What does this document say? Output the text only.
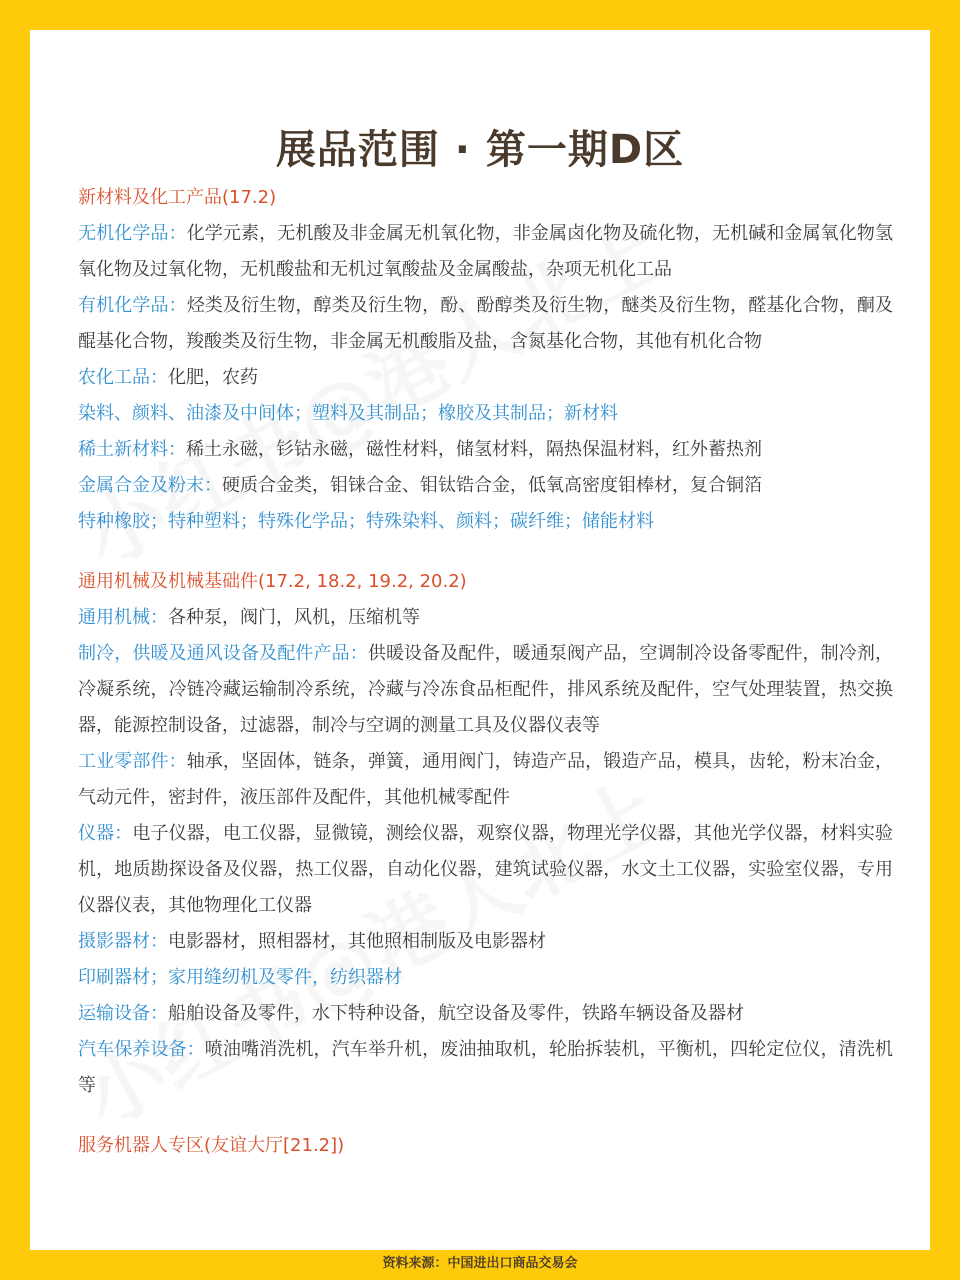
展品范围 · 第一期D区

新材料及化工产品(17.2)

无机化学品：化学元素，无机酸及非金属无机氧化物，非金属卤化物及硫化物，无机碱和金属氧化物氢氧化物及过氧化物，无机酸盐和无机过氧酸盐及金属酸盐，杂项无机化工品

有机化学品：烃类及衍生物，醇类及衍生物，酚、酚醇类及衍生物，醚类及衍生物，醛基化合物，酮及醌基化合物，羧酸类及衍生物，非金属无机酸脂及盐，含氮基化合物，其他有机化合物

农化工品：化肥，农药

染料、颜料、油漆及中间体；塑料及其制品；橡胶及其制品；新材料

稀土新材料：稀土永磁，钐钴永磁，磁性材料，储氢材料，隔热保温材料，红外蓄热剂

金属合金及粉末：硬质合金类，钼铼合金、钼钛锆合金，低氧高密度钼棒材，复合铜箔

特种橡胶；特种塑料；特殊化学品；特殊染料、颜料；碳纤维；储能材料

通用机械及机械基础件(17.2, 18.2, 19.2, 20.2)

通用机械：各种泵，阀门，风机，压缩机等

制冷，供暖及通风设备及配件产品：供暖设备及配件，暖通泵阀产品，空调制冷设备零配件，制冷剂，冷凝系统，冷链冷藏运输制冷系统，冷藏与冷冻食品柜配件，排风系统及配件，空气处理装置，热交换器，能源控制设备，过滤器，制冷与空调的测量工具及仪器仪表等

工业零部件：轴承，坚固体，链条，弹簧，通用阀门，铸造产品，锻造产品，模具，齿轮，粉末冶金，气动元件，密封件，液压部件及配件，其他机械零配件

仪器：电子仪器，电工仪器，显微镜，测绘仪器，观察仪器，物理光学仪器，其他光学仪器，材料实验机，地质勘探设备及仪器，热工仪器，自动化仪器，建筑试验仪器，水文土工仪器，实验室仪器，专用仪器仪表，其他物理化工仪器

摄影器材：电影器材，照相器材，其他照相制版及电影器材

印刷器材；家用缝纫机及零件，纺织器材

运输设备：船舶设备及零件，水下特种设备，航空设备及零件，铁路车辆设备及器材

汽车保养设备：喷油嘴消洗机，汽车举升机，废油抽取机，轮胎拆装机，平衡机，四轮定位仪，清洗机等

服务机器人专区(友谊大厅[21.2])

资料来源：中国进出口商品交易会
